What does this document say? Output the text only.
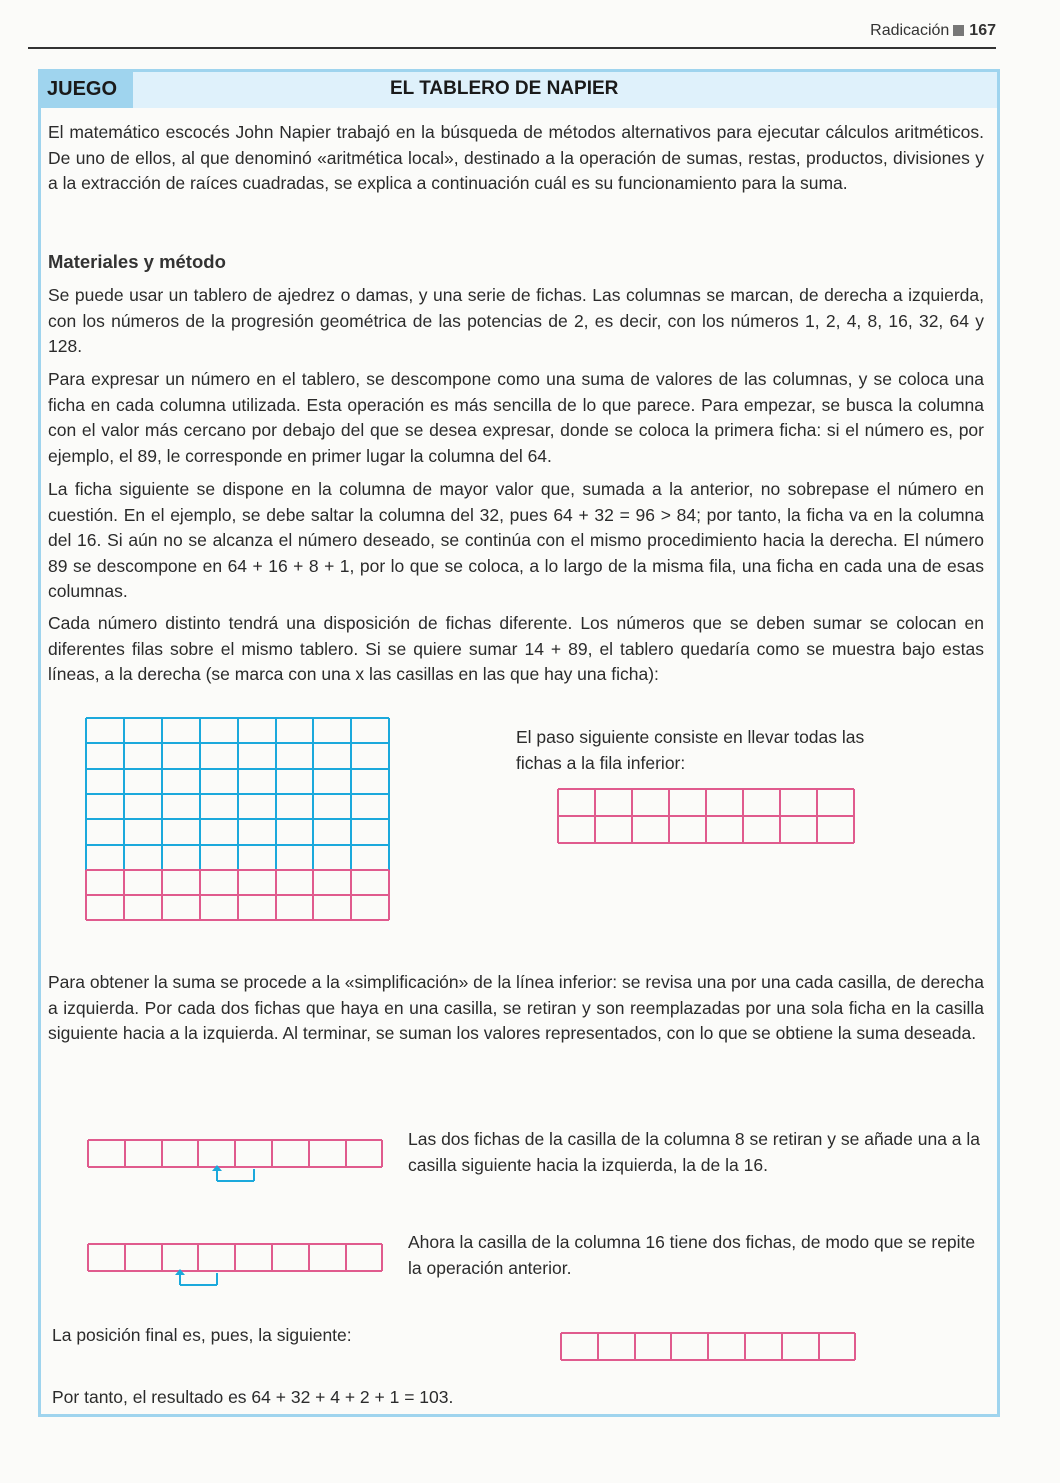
Radicación 167
JUEGO	EL TABLERO DE NAPIER
El matemático escocés John Napier trabajó en la búsqueda de métodos alternativos para ejecutar cálculos aritméticos. De uno de ellos, al que denominó «aritmética local», destinado a la operación de sumas, restas, productos, divisiones y a la extracción de raíces cuadradas, se explica a continuación cuál es su funcionamiento para la suma.
Materiales y método
Se puede usar un tablero de ajedrez o damas, y una serie de fichas. Las columnas se marcan, de derecha a izquierda, con los números de la progresión geométrica de las potencias de 2, es decir, con los números 1, 2, 4, 8, 16, 32, 64 y 128.
Para expresar un número en el tablero, se descompone como una suma de valores de las columnas, y se coloca una ficha en cada columna utilizada. Esta operación es más sencilla de lo que parece. Para empezar, se busca la columna con el valor más cercano por debajo del que se desea expresar, donde se coloca la primera ficha: si el número es, por ejemplo, el 89, le corresponde en primer lugar la columna del 64.
La ficha siguiente se dispone en la columna de mayor valor que, sumada a la anterior, no sobrepase el número en cuestión. En el ejemplo, se debe saltar la columna del 32, pues 64 + 32 = 96 > 84; por tanto, la ficha va en la columna del 16. Si aún no se alcanza el número deseado, se continúa con el mismo procedimiento hacia la derecha. El número 89 se descompone en 64 + 16 + 8 + 1, por lo que se coloca, a lo largo de la misma fila, una ficha en cada una de esas columnas.
Cada número distinto tendrá una disposición de fichas diferente. Los números que se deben sumar se colocan en diferentes filas sobre el mismo tablero. Si se quiere sumar 14 + 89, el tablero quedaría como se muestra bajo estas líneas, a la derecha (se marca con una x las casillas en las que hay una ficha):
El paso siguiente consiste en llevar todas las fichas a la fila inferior:
Para obtener la suma se procede a la «simplificación» de la línea inferior: se revisa una por una cada casilla, de derecha a izquierda. Por cada dos fichas que haya en una casilla, se retiran y son reemplazadas por una sola ficha en la casilla siguiente hacia a la izquierda. Al terminar, se suman los valores representados, con lo que se obtiene la suma deseada.
Las dos fichas de la casilla de la columna 8 se retiran y se añade una a la casilla siguiente hacia la izquierda, la de la 16.
Ahora la casilla de la columna 16 tiene dos fichas, de modo que se repite la operación anterior.
La posición final es, pues, la siguiente:
Por tanto, el resultado es 64 + 32 + 4 + 2 + 1 = 103.
